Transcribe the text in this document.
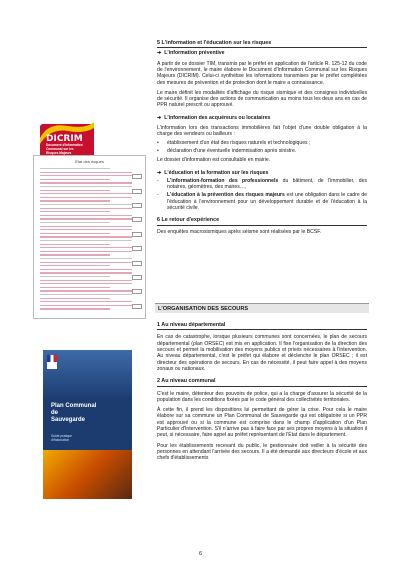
DICRIM
Document d'Information
Communal sur les
Risques Majeurs
État des risques
Plan Communal
de
Sauvegarde
Guide pratique
d'élaboration
5 L'information et l'éducation sur les risques
➔ L'information préventive

A partir de ce dossier TIM, transmis par le préfet en application de l'article R. 125-12 du code de l'environnement, le maire élabore le Document d'Information Communal sur les Risques Majeurs (DICRIM). Celui-ci synthétise les informations transmises par le préfet complétées des mesures de prévention et de protection dont le maire a connaissance.

Le maire définit les modalités d'affichage du risque sismique et des consignes individuelles de sécurité. Il organise des actions de communication au moins tous les deux ans en cas de PPR naturel prescrit ou approuvé.

➔ L'information des acquéreurs ou locataires

L'information lors des transactions immobilières fait l'objet d'une double obligation à la charge des vendeurs ou bailleurs :

•	établissement d'un état des risques naturels et technologiques ;
•	déclaration d'une éventuelle indemnisation après sinistre.

Le dossier d'information est consultable en mairie.

➔ L'éducation et la formation sur les risques
-	L'information-formation des professionnels du bâtiment, de l'immobilier, des notaires, géomètres, des maires…,

-	L'éducation à la prévention des risques majeurs est une obligation dans le cadre de l'éducation à l'environnement pour un développement durable et de l'éducation à la sécurité civile.

6 Le retour d'expérience

Des enquêtes macrosismiques après séisme sont réalisées par le BCSF.

L'ORGANISATION DES SECOURS
1 Au niveau départemental

En cas de catastrophe, lorsque plusieurs communes sont concernées, le plan de secours départemental (plan ORSEC) est mis en application. Il fixe l'organisation de la direction des secours et permet la mobilisation des moyens publics et privés nécessaires à l'intervention. Au niveau départemental, c'est le préfet qui élabore et déclenche le plan ORSEC ; il est directeur des opérations de secours. En cas de nécessité, il peut faire appel à des moyens zonaux ou nationaux.

2 Au niveau communal

C'est le maire, détenteur des pouvoirs de police, qui a la charge d'assurer la sécurité de la population dans les conditions fixées par le code général des collectivités territoriales.

À cette fin, il prend les dispositions lui permettant de gérer la crise. Pour cela le maire élabore sur sa commune un Plan Communal de Sauvegarde qui est obligatoire si un PPR est approuvé ou si la commune est comprise dans le champ d'application d'un Plan Particulier d'Intervention. S'il n'arrive pas à faire face par ses propres moyens à la situation il peut, si nécessaire, faire appel au préfet représentant de l'État dans le département.

Pour les établissements recevant du public, le gestionnaire doit veiller à la sécurité des personnes en attendant l'arrivée des secours. Il a été demandé aux directeurs d'école et aux chefs d'établissements

6
